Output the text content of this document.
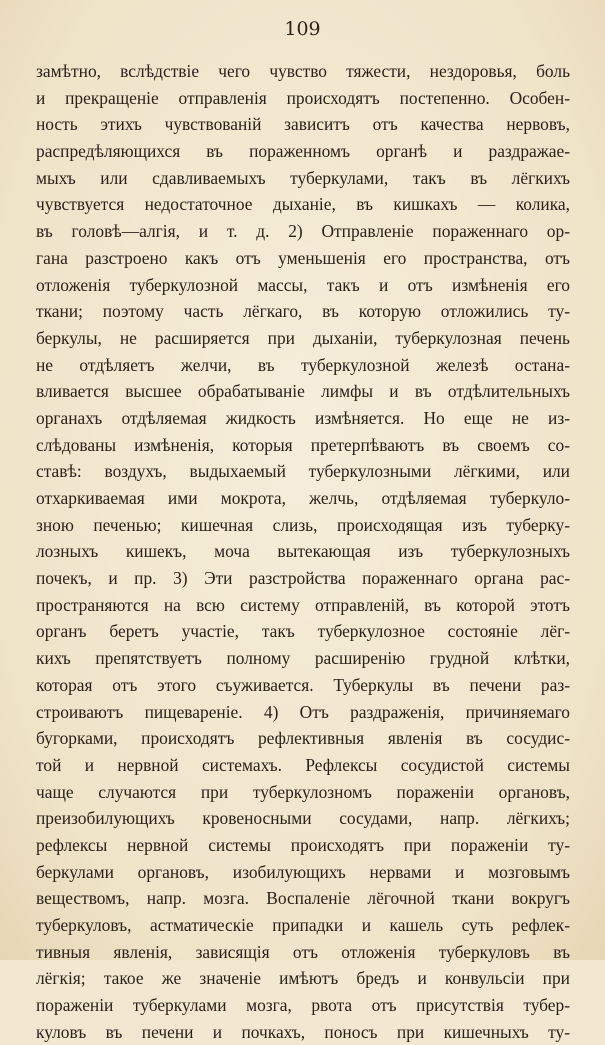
109
замѣтно, вслѣдствіе чего чувство тяжести, нездоровья, боль
и прекращеніе отправленія происходятъ постепенно. Особен-
ность этихъ чувствованій зависитъ отъ качества нервовъ,
распредѣляющихся въ пораженномъ органѣ и раздражае-
мыхъ или сдавливаемыхъ туберкулами, такъ въ лёгкихъ
чувствуется недостаточное дыханіе, въ кишкахъ — колика,
въ головѣ—алгія, и т. д. 2) Отправленіе пораженнаго ор-
гана разстроено какъ отъ уменьшенія его пространства, отъ
отложенія туберкулозной массы, такъ и отъ измѣненія его
ткани; поэтому часть лёгкаго, въ которую отложились ту-
беркулы, не расширяется при дыханіи, туберкулозная печень
не отдѣляетъ желчи, въ туберкулозной железѣ остана-
вливается высшее обрабатываніе лимфы и въ отдѣлительныхъ
органахъ отдѣляемая жидкость измѣняется. Но еще не из-
слѣдованы измѣненія, которыя претерпѣваютъ въ своемъ со-
ставѣ: воздухъ, выдыхаемый туберкулозными лёгкими, или
отхаркиваемая ими мокрота, желчь, отдѣляемая туберкуло-
зною печенью; кишечная слизь, происходящая изъ туберку-
лозныхъ кишекъ, моча вытекающая изъ туберкулозныхъ
почекъ, и пр. 3) Эти разстройства пораженнаго органа рас-
пространяются на всю систему отправленій, въ которой этотъ
органъ беретъ участіе, такъ туберкулозное состояніе лёг-
кихъ препятствуетъ полному расширенію грудной клѣтки,
которая отъ этого съуживается. Туберкулы въ печени раз-
строиваютъ пищевареніе. 4) Отъ раздраженія, причиняемаго
бугорками, происходятъ рефлективныя явленія въ сосудис-
той и нервной системахъ. Рефлексы сосудистой системы
чаще случаются при туберкулозномъ пораженіи органовъ,
преизобилующихъ кровеносными сосудами, напр. лёгкихъ;
рефлексы нервной системы происходятъ при пораженіи ту-
беркулами органовъ, изобилующихъ нервами и мозговымъ
веществомъ, напр. мозга. Воспаленіе лёгочной ткани вокругъ
туберкуловъ, астматическіе припадки и кашель суть рефлек-
тивныя явленія, зависящія отъ отложенія туберкуловъ въ
лёгкія; такое же значеніе имѣютъ бредъ и конвульсіи при
пораженіи туберкулами мозга, рвота отъ присутствія тубер-
куловъ въ печени и почкахъ, поносъ при кишечныхъ ту-
